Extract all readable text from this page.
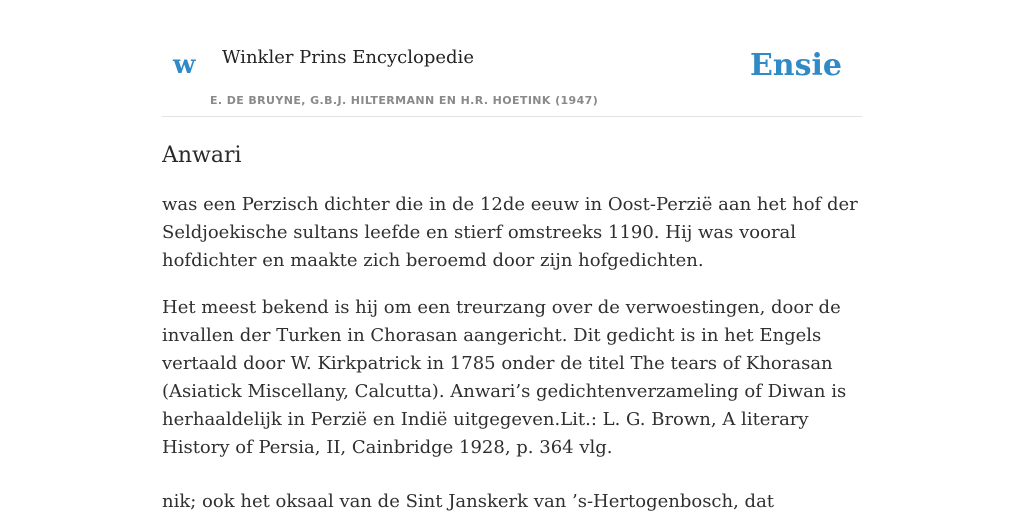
w Winkler Prins Encyclopedie
E. DE BRUYNE, G.B.J. HILTERMANN EN H.R. HOETINK (1947)
Ensie
Anwari

was een Perzisch dichter die in de 12de eeuw in Oost-Perzië aan het hof der Seldjoekische sultans leefde en stierf omstreeks 1190. Hij was vooral hofdichter en maakte zich beroemd door zijn hofgedichten.

Het meest bekend is hij om een treurzang over de verwoestingen, door de invallen der Turken in Chorasan aangericht. Dit gedicht is in het Engels vertaald door W. Kirkpatrick in 1785 onder de titel The tears of Khorasan (Asiatick Miscellany, Calcutta). Anwari’s gedichtenverzameling of Diwan is herhaaldelijk in Perzië en Indië uitgegeven.Lit.: L. G. Brown, A literary History of Persia, II, Cainbridge 1928, p. 364 vlg.

nik; ook het oksaal van de Sint Janskerk van ’s-Hertogenbosch, dat
